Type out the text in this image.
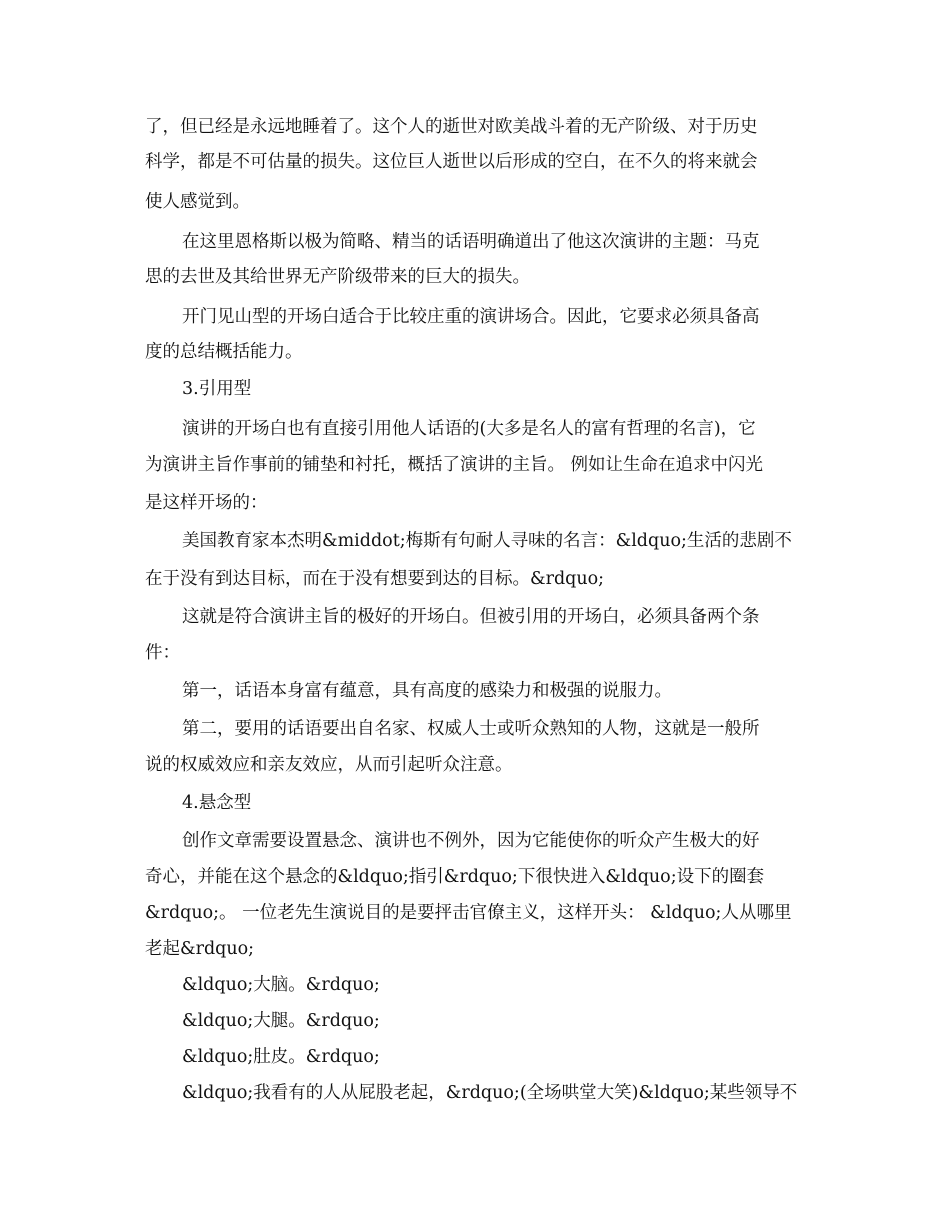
了，但已经是永远地睡着了。这个人的逝世对欧美战斗着的无产阶级、对于历史
科学，都是不可估量的损失。这位巨人逝世以后形成的空白，在不久的将来就会
使人感觉到。
在这里恩格斯以极为简略、精当的话语明确道出了他这次演讲的主题：马克
思的去世及其给世界无产阶级带来的巨大的损失。
开门见山型的开场白适合于比较庄重的演讲场合。因此，它要求必须具备高
度的总结概括能力。
3.引用型
演讲的开场白也有直接引用他人话语的(大多是名人的富有哲理的名言)，它
为演讲主旨作事前的铺垫和衬托，概括了演讲的主旨。 例如让生命在追求中闪光
是这样开场的：
美国教育家本杰明&middot;梅斯有句耐人寻味的名言：&ldquo;生活的悲剧不
在于没有到达目标，而在于没有想要到达的目标。&rdquo;
这就是符合演讲主旨的极好的开场白。但被引用的开场白，必须具备两个条
件：
第一，话语本身富有蕴意，具有高度的感染力和极强的说服力。
第二，要用的话语要出自名家、权威人士或听众熟知的人物，这就是一般所
说的权威效应和亲友效应，从而引起听众注意。
4.悬念型
创作文章需要设置悬念、演讲也不例外，因为它能使你的听众产生极大的好
奇心，并能在这个悬念的&ldquo;指引&rdquo;下很快进入&ldquo;设下的圈套
&rdquo;。 一位老先生演说目的是要抨击官僚主义，这样开头： &ldquo;人从哪里
老起&rdquo;
&ldquo;大脑。&rdquo;
&ldquo;大腿。&rdquo;
&ldquo;肚皮。&rdquo;
&ldquo;我看有的人从屁股老起，&rdquo;(全场哄堂大笑)&ldquo;某些领导不
